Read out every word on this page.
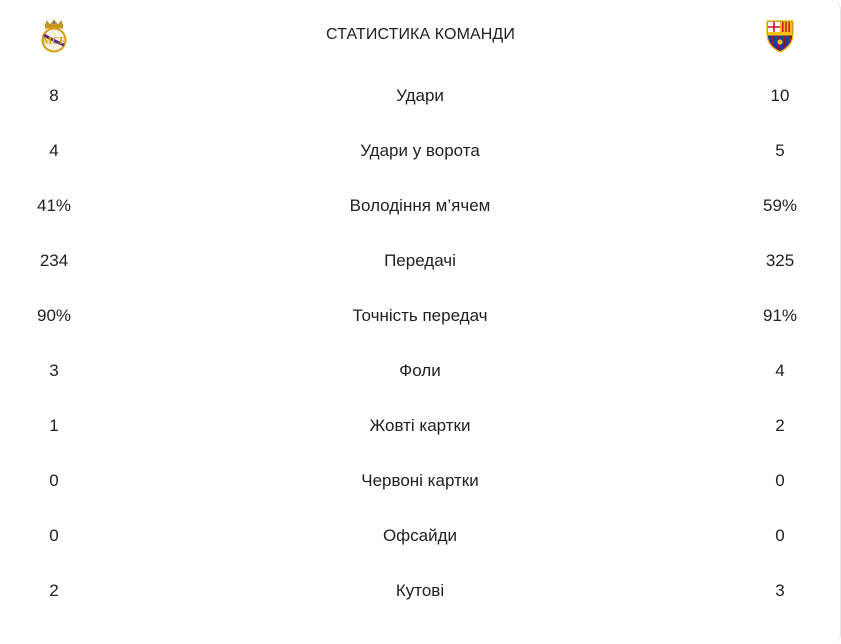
MCF	СТАТИСТИКА КОМАНДИ
8	Удари	10
4	Удари у ворота	5
41%	Володіння м’ячем	59%
234	Передачі	325
90%	Точність передач	91%
3	Фоли	4
1	Жовті картки	2
0	Червоні картки	0
0	Офсайди	0
2	Кутові	3
